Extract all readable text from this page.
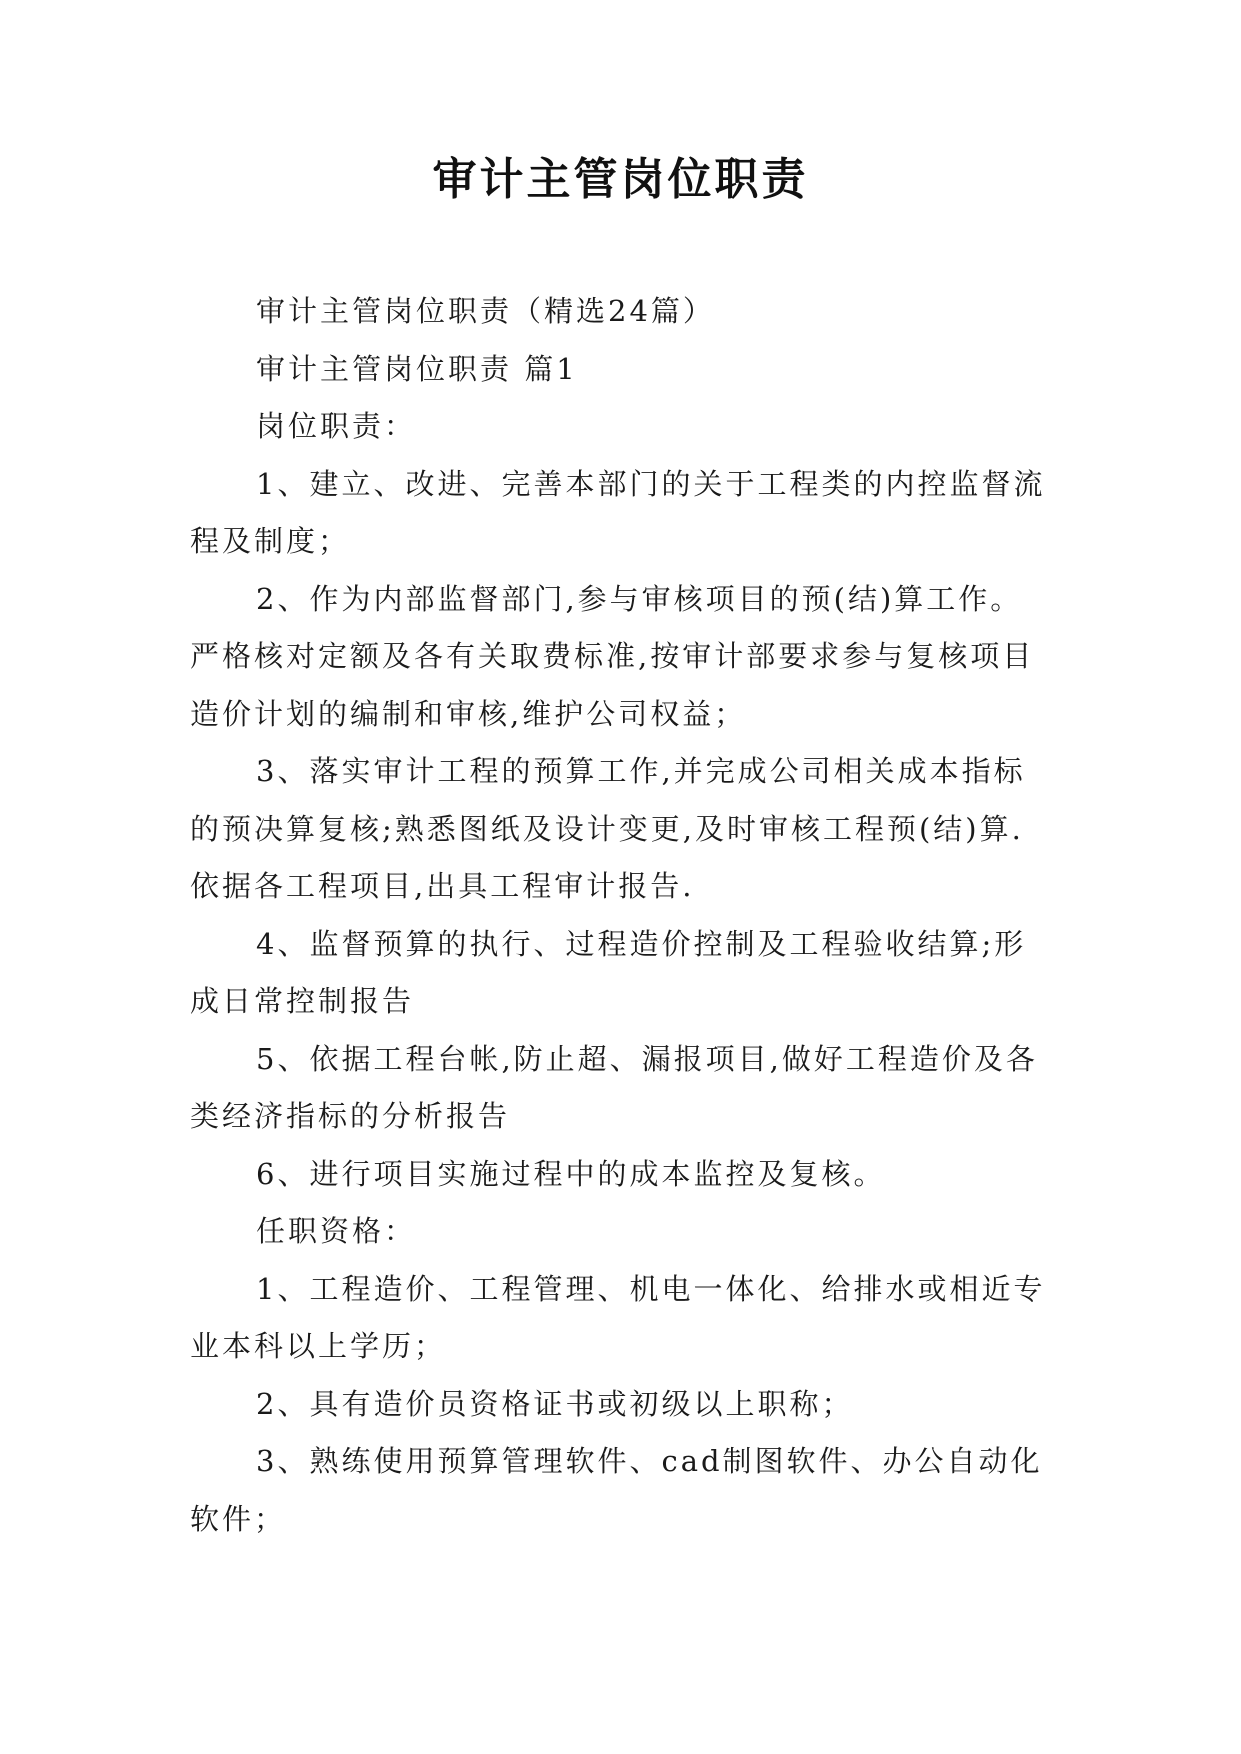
审计主管岗位职责

审计主管岗位职责（精选24篇）

审计主管岗位职责 篇1

岗位职责：

1、建立、改进、完善本部门的关于工程类的内控监督流程及制度；

2、作为内部监督部门,参与审核项目的预(结)算工作。严格核对定额及各有关取费标准,按审计部要求参与复核项目造价计划的编制和审核,维护公司权益；

3、落实审计工程的预算工作,并完成公司相关成本指标的预决算复核;熟悉图纸及设计变更,及时审核工程预(结)算.依据各工程项目,出具工程审计报告.

4、监督预算的执行、过程造价控制及工程验收结算;形成日常控制报告

5、依据工程台帐,防止超、漏报项目,做好工程造价及各类经济指标的分析报告

6、进行项目实施过程中的成本监控及复核。

任职资格：

1、工程造价、工程管理、机电一体化、给排水或相近专业本科以上学历；

2、具有造价员资格证书或初级以上职称；

3、熟练使用预算管理软件、cad制图软件、办公自动化软件；
